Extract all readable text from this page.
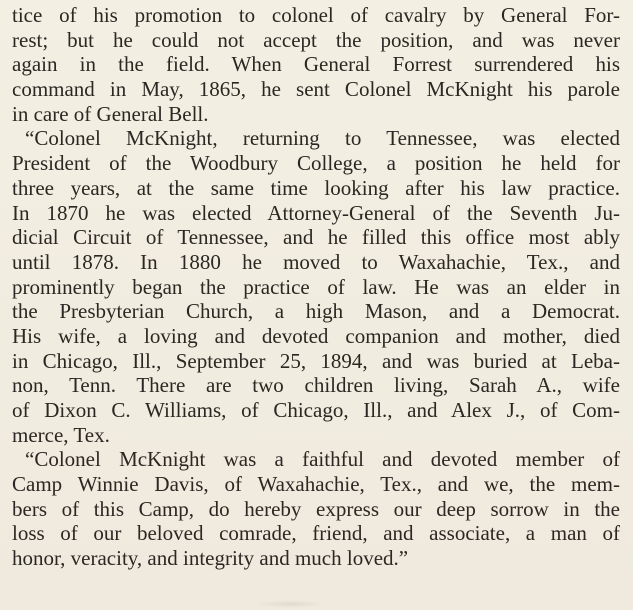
tice of his promotion to colonel of cavalry by General For-
rest; but he could not accept the position, and was never
again in the field. When General Forrest surrendered his
command in May, 1865, he sent Colonel McKnight his parole
in care of General Bell.
“Colonel McKnight, returning to Tennessee, was elected
President of the Woodbury College, a position he held for
three years, at the same time looking after his law practice.
In 1870 he was elected Attorney-General of the Seventh Ju-
dicial Circuit of Tennessee, and he filled this office most ably
until 1878. In 1880 he moved to Waxahachie, Tex., and
prominently began the practice of law. He was an elder in
the Presbyterian Church, a high Mason, and a Democrat.
His wife, a loving and devoted companion and mother, died
in Chicago, Ill., September 25, 1894, and was buried at Leba-
non, Tenn. There are two children living, Sarah A., wife
of Dixon C. Williams, of Chicago, Ill., and Alex J., of Com-
merce, Tex.
“Colonel McKnight was a faithful and devoted member of
Camp Winnie Davis, of Waxahachie, Tex., and we, the mem-
bers of this Camp, do hereby express our deep sorrow in the
loss of our beloved comrade, friend, and associate, a man of
honor, veracity, and integrity and much loved.”
